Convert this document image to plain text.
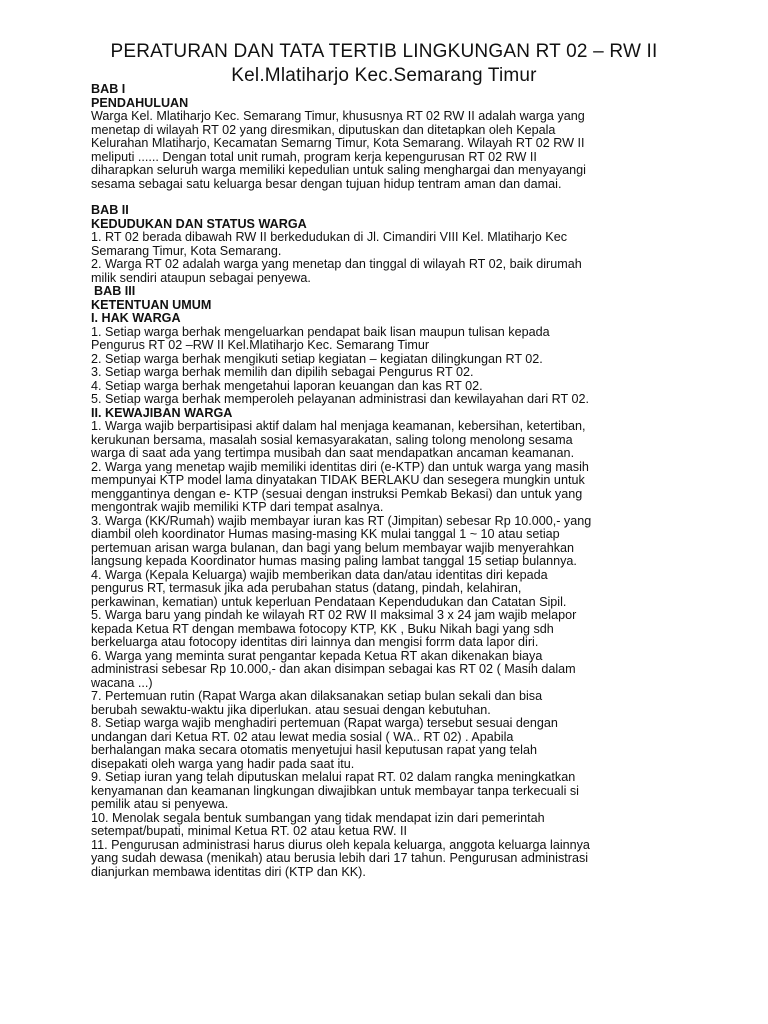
PERATURAN DAN TATA TERTIB LINGKUNGAN RT 02 – RW II
Kel.Mlatiharjo Kec.Semarang Timur
BAB I
PENDAHULUAN
Warga Kel. Mlatiharjo Kec. Semarang Timur, khususnya RT 02 RW II adalah warga yang
menetap di wilayah RT 02 yang diresmikan, diputuskan dan ditetapkan oleh Kepala
Kelurahan Mlatiharjo, Kecamatan Semarng Timur, Kota Semarang. Wilayah RT 02 RW II
meliputi ...... Dengan total unit rumah, program kerja kepengurusan RT 02 RW II
diharapkan seluruh warga memiliki kepedulian untuk saling menghargai dan menyayangi
sesama sebagai satu keluarga besar dengan tujuan hidup tentram aman dan damai.
BAB II
KEDUDUKAN DAN STATUS WARGA
1. RT 02 berada dibawah RW II berkedudukan di Jl. Cimandiri VIII Kel. Mlatiharjo Kec
Semarang Timur, Kota Semarang.
2. Warga RT 02 adalah warga yang menetap dan tinggal di wilayah RT 02, baik dirumah
milik sendiri ataupun sebagai penyewa.
BAB III
KETENTUAN UMUM
I. HAK WARGA
1. Setiap warga berhak mengeluarkan pendapat baik lisan maupun tulisan kepada
Pengurus RT 02 –RW II Kel.Mlatiharjo Kec. Semarang Timur
2. Setiap warga berhak mengikuti setiap kegiatan – kegiatan dilingkungan RT 02.
3. Setiap warga berhak memilih dan dipilih sebagai Pengurus RT 02.
4. Setiap warga berhak mengetahui laporan keuangan dan kas RT 02.
5. Setiap warga berhak memperoleh pelayanan administrasi dan kewilayahan dari RT 02.
II. KEWAJIBAN WARGA
1. Warga wajib berpartisipasi aktif dalam hal menjaga keamanan, kebersihan, ketertiban,
kerukunan bersama, masalah sosial kemasyarakatan, saling tolong menolong sesama
warga di saat ada yang tertimpa musibah dan saat mendapatkan ancaman keamanan.
2. Warga yang menetap wajib memiliki identitas diri (e-KTP) dan untuk warga yang masih
mempunyai KTP model lama dinyatakan TIDAK BERLAKU dan sesegera mungkin untuk
menggantinya dengan e- KTP (sesuai dengan instruksi Pemkab Bekasi) dan untuk yang
mengontrak wajib memiliki KTP dari tempat asalnya.
3. Warga (KK/Rumah) wajib membayar iuran kas RT (Jimpitan) sebesar Rp 10.000,- yang
diambil oleh koordinator Humas masing-masing KK mulai tanggal 1 ~ 10 atau setiap
pertemuan arisan warga bulanan, dan bagi yang belum membayar wajib menyerahkan
langsung kepada Koordinator humas masing paling lambat tanggal 15 setiap bulannya.
4. Warga (Kepala Keluarga) wajib memberikan data dan/atau identitas diri kepada
pengurus RT, termasuk jika ada perubahan status (datang, pindah, kelahiran,
perkawinan, kematian) untuk keperluan Pendataan Kependudukan dan Catatan Sipil.
5. Warga baru yang pindah ke wilayah RT 02 RW II maksimal 3 x 24 jam wajib melapor
kepada Ketua RT dengan membawa fotocopy KTP, KK , Buku Nikah bagi yang sdh
berkeluarga atau fotocopy identitas diri lainnya dan mengisi forrm data lapor diri.
6. Warga yang meminta surat pengantar kepada Ketua RT akan dikenakan biaya
administrasi sebesar Rp 10.000,- dan akan disimpan sebagai kas RT 02 ( Masih dalam
wacana ...)
7. Pertemuan rutin (Rapat Warga akan dilaksanakan setiap bulan sekali dan bisa
berubah sewaktu-waktu jika diperlukan. atau sesuai dengan kebutuhan.
8. Setiap warga wajib menghadiri pertemuan (Rapat warga) tersebut sesuai dengan
undangan dari Ketua RT. 02 atau lewat media sosial ( WA.. RT 02) . Apabila
berhalangan maka secara otomatis menyetujui hasil keputusan rapat yang telah
disepakati oleh warga yang hadir pada saat itu.
9. Setiap iuran yang telah diputuskan melalui rapat RT. 02 dalam rangka meningkatkan
kenyamanan dan keamanan lingkungan diwajibkan untuk membayar tanpa terkecuali si
pemilik atau si penyewa.
10. Menolak segala bentuk sumbangan yang tidak mendapat izin dari pemerintah
setempat/bupati, minimal Ketua RT. 02 atau ketua RW. II
11. Pengurusan administrasi harus diurus oleh kepala keluarga, anggota keluarga lainnya
yang sudah dewasa (menikah) atau berusia lebih dari 17 tahun. Pengurusan administrasi
dianjurkan membawa identitas diri (KTP dan KK).
